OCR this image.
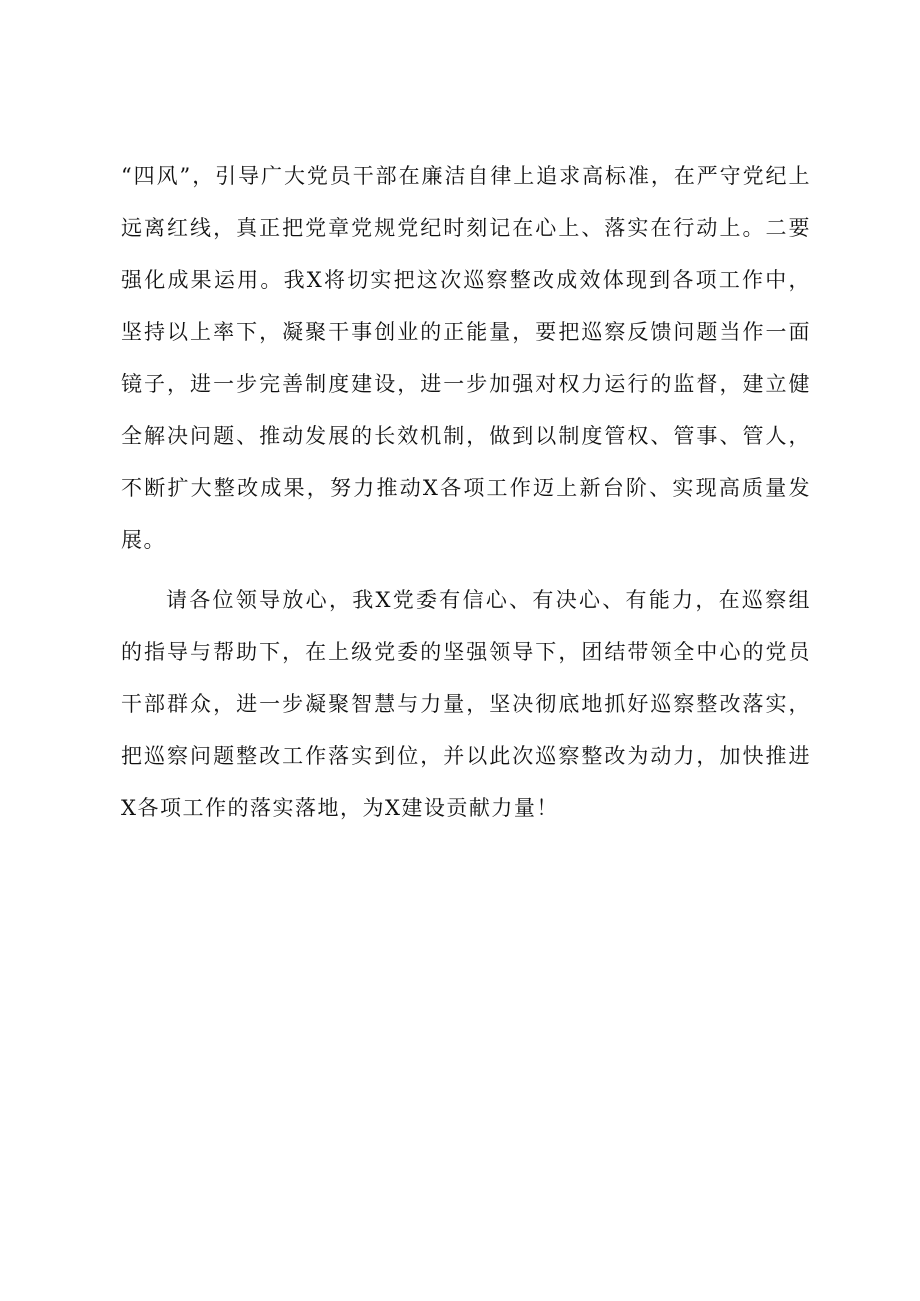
“四风”，引导广大党员干部在廉洁自律上追求高标准，在严守党纪上远离红线，真正把党章党规党纪时刻记在心上、落实在行动上。二要强化成果运用。我X将切实把这次巡察整改成效体现到各项工作中，坚持以上率下，凝聚干事创业的正能量，要把巡察反馈问题当作一面镜子，进一步完善制度建设，进一步加强对权力运行的监督，建立健全解决问题、推动发展的长效机制，做到以制度管权、管事、管人，不断扩大整改成果，努力推动X各项工作迈上新台阶、实现高质量发展。

请各位领导放心，我X党委有信心、有决心、有能力，在巡察组的指导与帮助下，在上级党委的坚强领导下，团结带领全中心的党员干部群众，进一步凝聚智慧与力量，坚决彻底地抓好巡察整改落实，把巡察问题整改工作落实到位，并以此次巡察整改为动力，加快推进X各项工作的落实落地，为X建设贡献力量！
